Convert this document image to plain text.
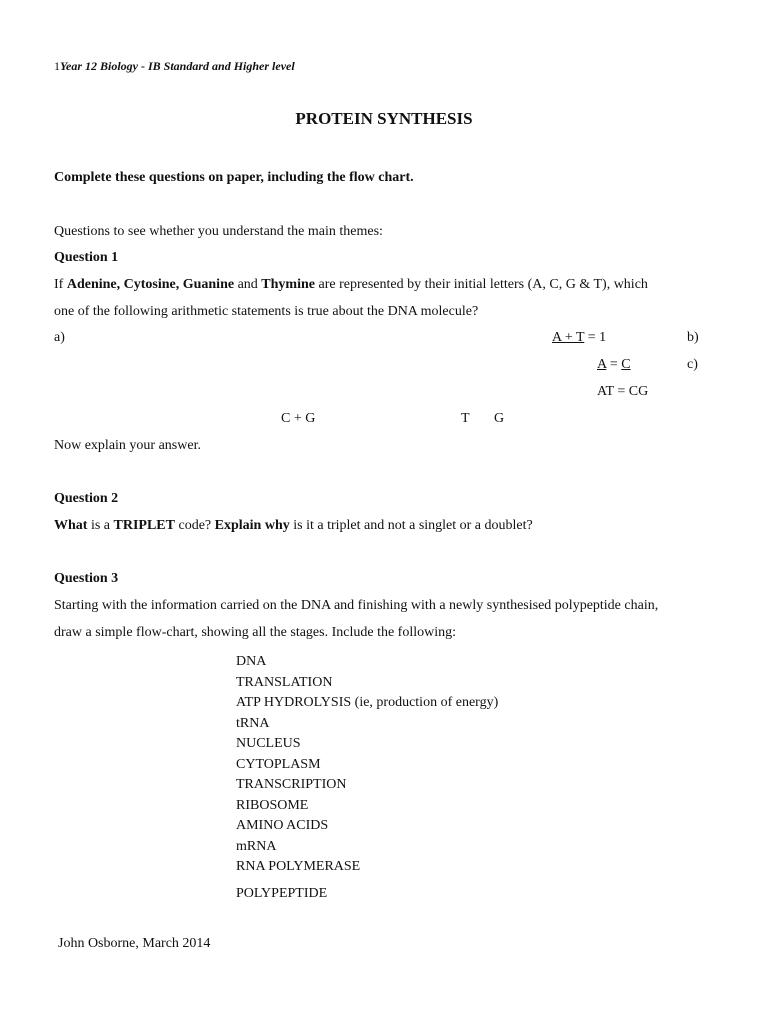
1Year 12 Biology - IB Standard and Higher level
PROTEIN SYNTHESIS
Complete these questions on paper, including the flow chart.
Questions to see whether you understand the main themes:
Question 1
If Adenine, Cytosine, Guanine and Thymine are represented by their initial letters (A, C, G & T), which
one of the following arithmetic statements is true about the DNA molecule?
a)	A + T = 1	b)
A = C	c)
AT = CG
C + G	T G
Now explain your answer.
Question 2
What is a TRIPLET code? Explain why is it a triplet and not a singlet or a doublet?
Question 3
Starting with the information carried on the DNA and finishing with a newly synthesised polypeptide chain,
draw a simple flow-chart, showing all the stages. Include the following:
DNA
TRANSLATION
ATP HYDROLYSIS (ie, production of energy)
tRNA
NUCLEUS
CYTOPLASM
TRANSCRIPTION
RIBOSOME
AMINO ACIDS
mRNA
RNA POLYMERASE
POLYPEPTIDE
John Osborne, March 2014
